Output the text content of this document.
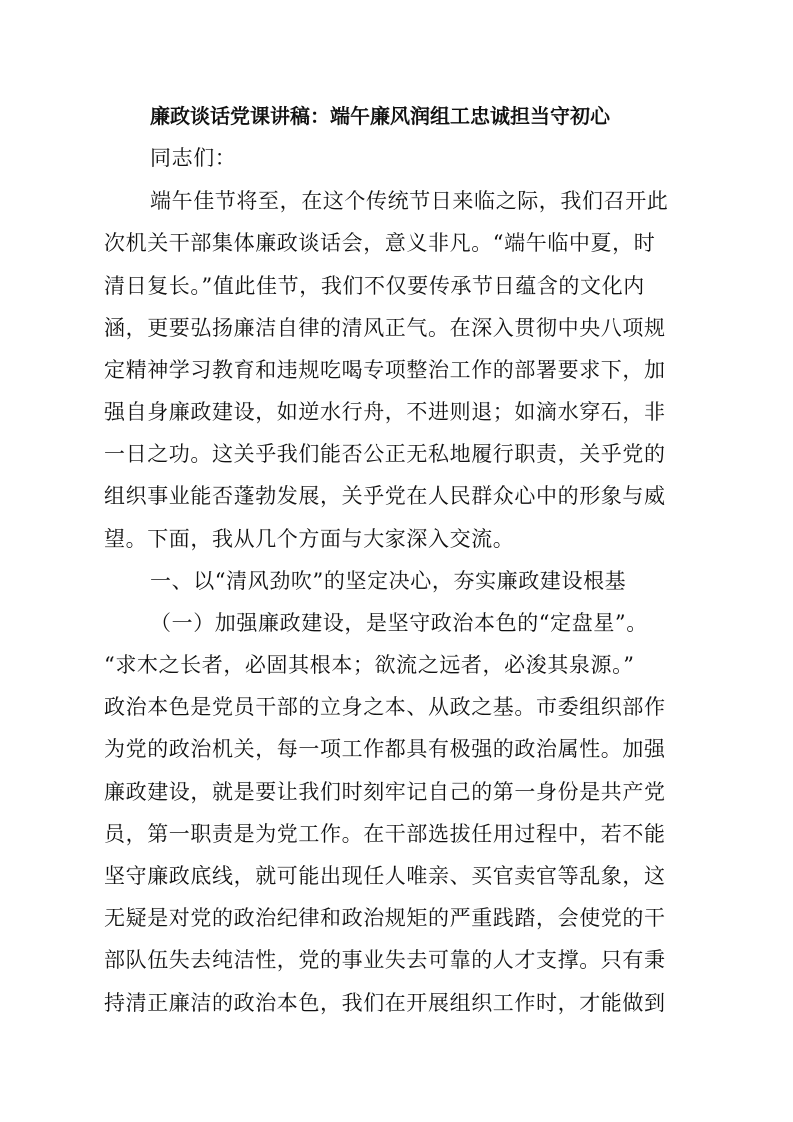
廉政谈话党课讲稿：端午廉风润组工忠诚担当守初心
同志们：
端午佳节将至，在这个传统节日来临之际，我们召开此
次机关干部集体廉政谈话会，意义非凡。“端午临中夏，时
清日复长。”值此佳节，我们不仅要传承节日蕴含的文化内
涵，更要弘扬廉洁自律的清风正气。在深入贯彻中央八项规
定精神学习教育和违规吃喝专项整治工作的部署要求下，加
强自身廉政建设，如逆水行舟，不进则退；如滴水穿石，非
一日之功。这关乎我们能否公正无私地履行职责，关乎党的
组织事业能否蓬勃发展，关乎党在人民群众心中的形象与威
望。下面，我从几个方面与大家深入交流。
一、以“清风劲吹”的坚定决心，夯实廉政建设根基
（一）加强廉政建设，是坚守政治本色的“定盘星”。
“求木之长者，必固其根本；欲流之远者，必浚其泉源。”
政治本色是党员干部的立身之本、从政之基。市委组织部作
为党的政治机关，每一项工作都具有极强的政治属性。加强
廉政建设，就是要让我们时刻牢记自己的第一身份是共产党
员，第一职责是为党工作。在干部选拔任用过程中，若不能
坚守廉政底线，就可能出现任人唯亲、买官卖官等乱象，这
无疑是对党的政治纪律和政治规矩的严重践踏，会使党的干
部队伍失去纯洁性，党的事业失去可靠的人才支撑。只有秉
持清正廉洁的政治本色，我们在开展组织工作时，才能做到
